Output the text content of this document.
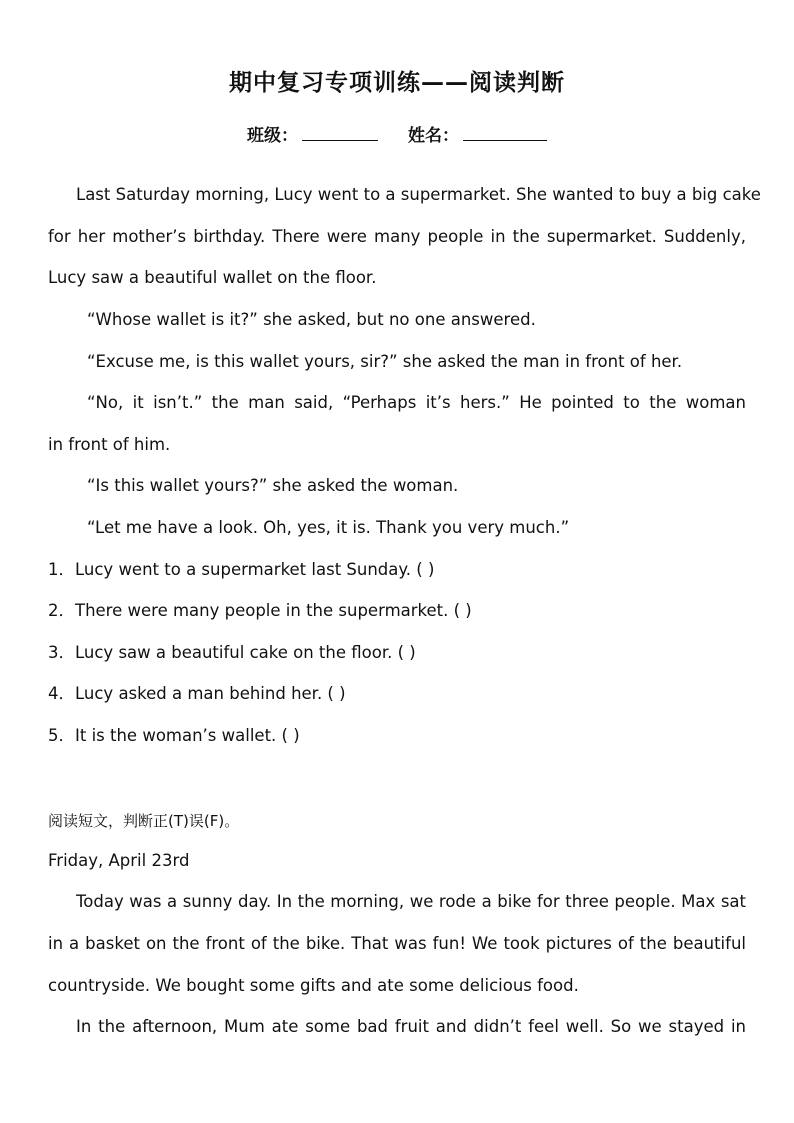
期中复习专项训练——阅读判断
班级：	姓名：
Last Saturday morning, Lucy went to a supermarket. She wanted to buy a big cake
for her mother’s birthday. There were many people in the supermarket. Suddenly,
Lucy saw a beautiful wallet on the floor.
“Whose wallet is it?” she asked, but no one answered.
“Excuse me, is this wallet yours, sir?” she asked the man in front of her.
“No, it isn’t.” the man said, “Perhaps it’s hers.” He pointed to the woman
in front of him.
“Is this wallet yours?” she asked the woman.
“Let me have a look. Oh, yes, it is. Thank you very much.”
1．Lucy went to a supermarket last Sunday. ( )
2．There were many people in the supermarket. ( )
3．Lucy saw a beautiful cake on the floor. ( )
4．Lucy asked a man behind her. ( )
5．It is the woman’s wallet. ( )
阅读短文，判断正(T)误(F)。
Friday, April 23rd
Today was a sunny day. In the morning, we rode a bike for three people. Max sat
in a basket on the front of the bike. That was fun! We took pictures of the beautiful
countryside. We bought some gifts and ate some delicious food.
In the afternoon, Mum ate some bad fruit and didn’t feel well. So we stayed in
